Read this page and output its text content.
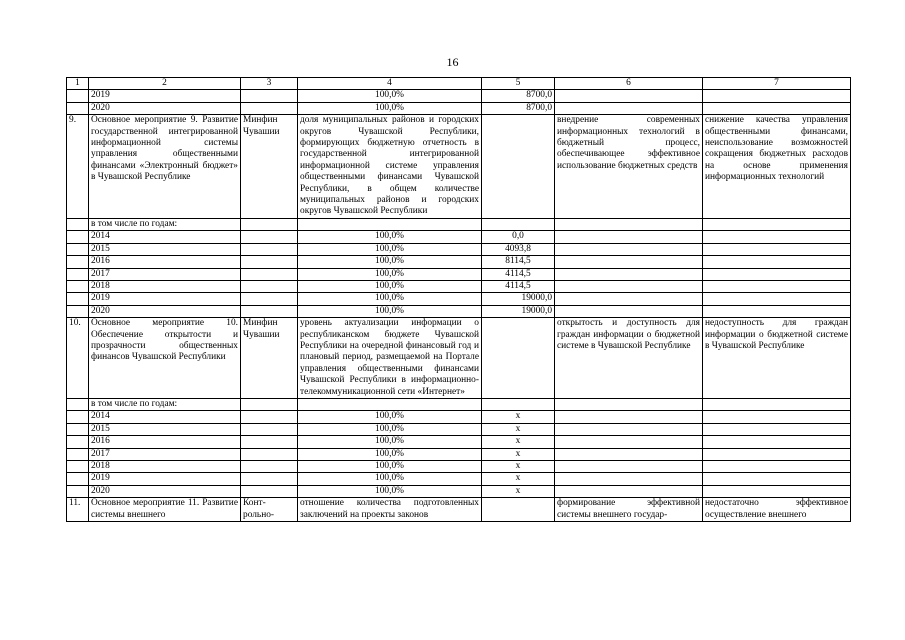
16
1	2	3	4	5	6	7
	2019		100,0%	8700,0		
	2020		100,0%	8700,0		
9.	Основное мероприятие 9. Развитие государственной интегрированной информационной системы управления общественными финансами «Электронный бюджет» в Чувашской Республике	Минфин Чувашии	доля муниципальных районов и городских округов Чувашской Республики, формирующих бюджетную отчетность в государственной интегрированной информационной системе управления общественными финансами Чувашской Республики, в общем количестве муниципальных районов и городских округов Чувашской Республики		внедрение современных информационных технологий в бюджетный процесс, обеспечивающее эффективное использование бюджетных средств	снижение качества управления общественными финансами, неиспользование возможностей сокращения бюджетных расходов на основе применения информационных технологий
	в том числе по годам:					
	2014		100,0%	0,0		
	2015		100,0%	4093,8		
	2016		100,0%	8114,5		
	2017		100,0%	4114,5		
	2018		100,0%	4114,5		
	2019		100,0%	19000,0		
	2020		100,0%	19000,0		
10.	Основное мероприятие 10. Обеспечение открытости и прозрачности общественных финансов Чувашской Республики	Минфин Чувашии	уровень актуализации информации о республиканском бюджете Чувашской Республики на очередной финансовый год и плановый период, размещаемой на Портале управления общественными финансами Чувашской Республики в информационно-телекоммуникационной сети «Интернет»		открытость и доступность для граждан информации о бюджетной системе в Чувашской Республике	недоступность для граждан информации о бюджетной системе в Чувашской Республике
	в том числе по годам:					
	2014		100,0%	х		
	2015		100,0%	х		
	2016		100,0%	х		
	2017		100,0%	х		
	2018		100,0%	х		
	2019		100,0%	х		
	2020		100,0%	х		
11.	Основное мероприятие 11. Развитие системы внешнего	Конт-рольно-	отношение количества подготовленных заключений на проекты законов		формирование эффективной системы внешнего государ-	недостаточно эффективное осуществление внешнего
